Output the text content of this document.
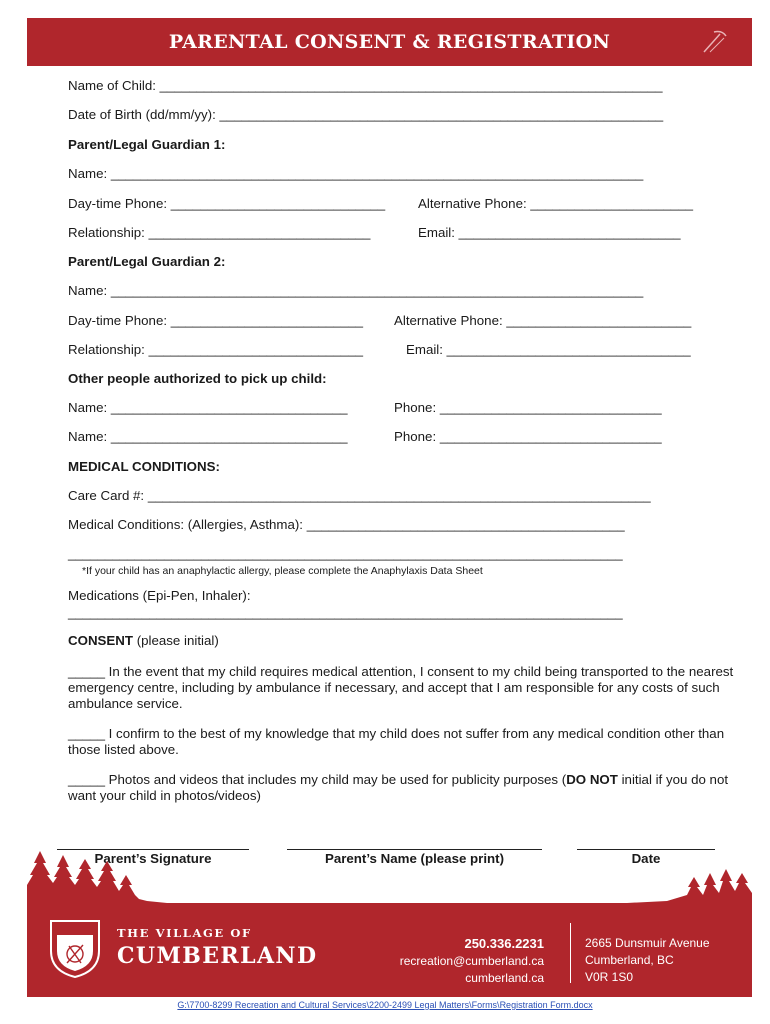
PARENTAL CONSENT & REGISTRATION
Name of Child: ____________________________________________________________________
Date of Birth (dd/mm/yy): ____________________________________________________________
Parent/Legal Guardian 1:
Name: ________________________________________________________________________
Day-time Phone: _____________________________ Alternative Phone: ______________________
Relationship: ______________________________	Email: ______________________________
Parent/Legal Guardian 2:
Name: ________________________________________________________________________
Day-time Phone: __________________________ Alternative Phone: _________________________
Relationship: _____________________________	Email: _________________________________
Other people authorized to pick up child:
Name: ________________________________	Phone: ______________________________
Name: ________________________________	Phone: ______________________________
MEDICAL CONDITIONS:
Care Card #: ____________________________________________________________________
Medical Conditions: (Allergies, Asthma): ___________________________________________
___________________________________________________________________________
*If your child has an anaphylactic allergy, please complete the Anaphylaxis Data Sheet
Medications (Epi-Pen, Inhaler):
___________________________________________________________________________
CONSENT (please initial)
_____ In the event that my child requires medical attention, I consent to my child being transported to the nearest emergency centre, including by ambulance if necessary, and accept that I am responsible for any costs of such ambulance service.
_____ I confirm to the best of my knowledge that my child does not suffer from any medical condition other than those listed above.
_____ Photos and videos that includes my child may be used for publicity purposes (DO NOT initial if you do not want your child in photos/videos)
Parent’s Signature	Parent’s Name (please print)	Date
THE VILLAGE OF
CUMBERLAND	250.336.2231
recreation@cumberland.ca
cumberland.ca
2665 Dunsmuir Avenue
Cumberland, BC
V0R 1S0
G:\7700-8299 Recreation and Cultural Services\2200-2499 Legal Matters\Forms\Registration Form.docx
